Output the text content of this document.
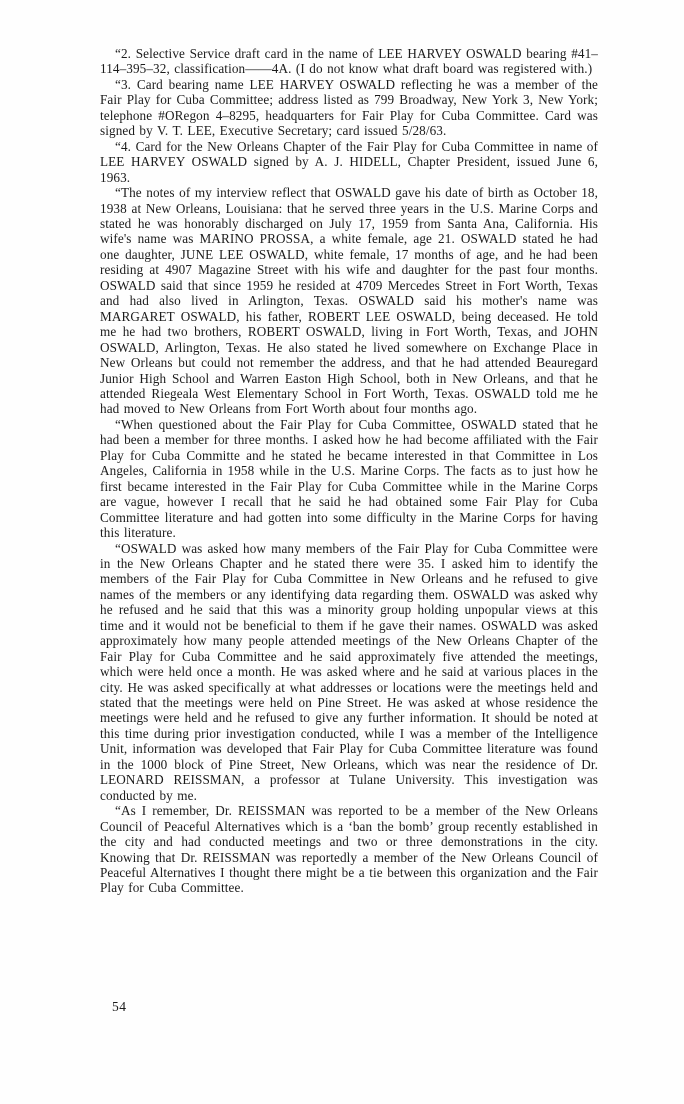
“2. Selective Service draft card in the name of LEE HARVEY OSWALD bearing #41–114–395–32, classification——4A. (I do not know what draft board was registered with.)

“3. Card bearing name LEE HARVEY OSWALD reflecting he was a member of the Fair Play for Cuba Committee; address listed as 799 Broadway, New York 3, New York; telephone #ORegon 4–8295, headquarters for Fair Play for Cuba Committee. Card was signed by V. T. LEE, Executive Secretary; card issued 5/28/63.

“4. Card for the New Orleans Chapter of the Fair Play for Cuba Committee in name of LEE HARVEY OSWALD signed by A. J. HIDELL, Chapter President, issued June 6, 1963.

“The notes of my interview reflect that OSWALD gave his date of birth as October 18, 1938 at New Orleans, Louisiana: that he served three years in the U.S. Marine Corps and stated he was honorably discharged on July 17, 1959 from Santa Ana, California. His wife's name was MARINO PROSSA, a white female, age 21. OSWALD stated he had one daughter, JUNE LEE OSWALD, white female, 17 months of age, and he had been residing at 4907 Magazine Street with his wife and daughter for the past four months. OSWALD said that since 1959 he resided at 4709 Mercedes Street in Fort Worth, Texas and had also lived in Arlington, Texas. OSWALD said his mother's name was MARGARET OSWALD, his father, ROBERT LEE OSWALD, being deceased. He told me he had two brothers, ROBERT OSWALD, living in Fort Worth, Texas, and JOHN OSWALD, Arlington, Texas. He also stated he lived somewhere on Exchange Place in New Orleans but could not remember the address, and that he had attended Beauregard Junior High School and Warren Easton High School, both in New Orleans, and that he attended Riegeala West Elementary School in Fort Worth, Texas. OSWALD told me he had moved to New Orleans from Fort Worth about four months ago.

“When questioned about the Fair Play for Cuba Committee, OSWALD stated that he had been a member for three months. I asked how he had become affiliated with the Fair Play for Cuba Committe and he stated he became interested in that Committee in Los Angeles, California in 1958 while in the U.S. Marine Corps. The facts as to just how he first became interested in the Fair Play for Cuba Committee while in the Marine Corps are vague, however I recall that he said he had obtained some Fair Play for Cuba Committee literature and had gotten into some difficulty in the Marine Corps for having this literature.

“OSWALD was asked how many members of the Fair Play for Cuba Committee were in the New Orleans Chapter and he stated there were 35. I asked him to identify the members of the Fair Play for Cuba Committee in New Orleans and he refused to give names of the members or any identifying data regarding them. OSWALD was asked why he refused and he said that this was a minority group holding unpopular views at this time and it would not be beneficial to them if he gave their names. OSWALD was asked approximately how many people attended meetings of the New Orleans Chapter of the Fair Play for Cuba Committee and he said approximately five attended the meetings, which were held once a month. He was asked where and he said at various places in the city. He was asked specifically at what addresses or locations were the meetings held and stated that the meetings were held on Pine Street. He was asked at whose residence the meetings were held and he refused to give any further information. It should be noted at this time during prior investigation conducted, while I was a member of the Intelligence Unit, information was developed that Fair Play for Cuba Committee literature was found in the 1000 block of Pine Street, New Orleans, which was near the residence of Dr. LEONARD REISSMAN, a professor at Tulane University. This investigation was conducted by me.

“As I remember, Dr. REISSMAN was reported to be a member of the New Orleans Council of Peaceful Alternatives which is a ‘ban the bomb’ group recently established in the city and had conducted meetings and two or three demonstrations in the city. Knowing that Dr. REISSMAN was reportedly a member of the New Orleans Council of Peaceful Alternatives I thought there might be a tie between this organization and the Fair Play for Cuba Committee.

54
